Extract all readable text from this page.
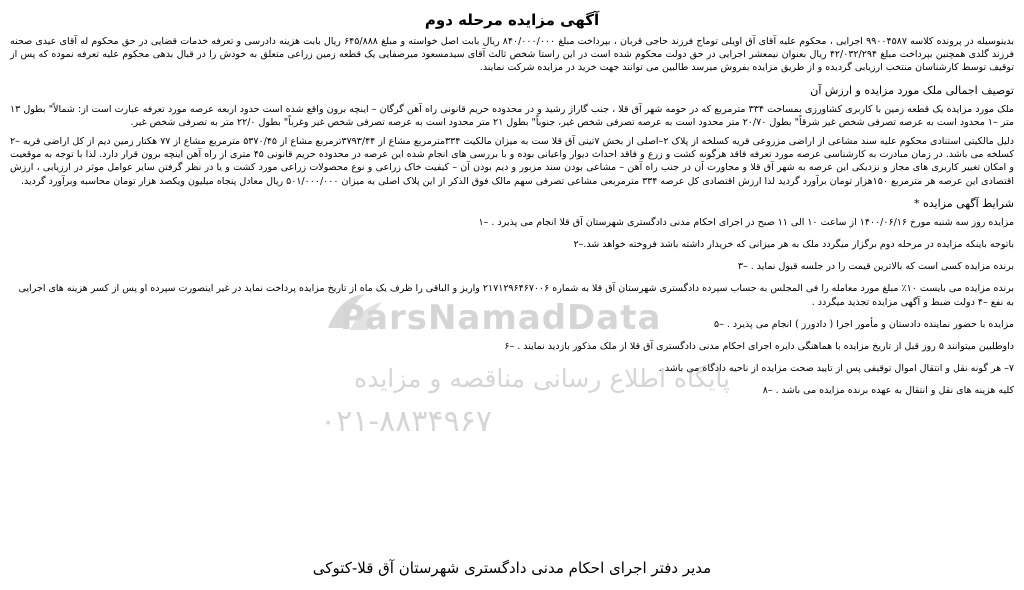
آگهی مزایده مرحله دوم

بدینوسیله در پرونده کلاسه ۹۹۰۰۴۵۸۷ اجرایی ، محکوم علیه آقای آق اویلی توماج فرزند حاجی قربان ، بپرداخت مبلغ ۸۴۰/۰۰۰/۰۰۰ ریال بابت اصل خواسته و مبلغ ۶۴۵/۸۸۸ ریال بابت هزینه دادرسی و تعرفه خدمات قضایی در حق محکوم له آقای عیدی صحنه فرزند گلدی همچنین بپرداخت مبلغ ۴۲/۰۳۲/۲۹۴ ریال بعنوان نیمعشر اجرایی در حق دولت محکوم شده است در این راستا شخص ثالث آقای سیدمسعود میرصفایی یک قطعه زمین زراعی متعلق به خودش را در قبال بدهی محکوم علیه تعرفه نموده که پس از توقیف توسط کارشناسان منتخب ارزیابی گردیده و از طریق مزایده بفروش میرسد طالبین می توانند جهت خرید در مزایده شرکت نمایند.

توصیف اجمالی ملک مورد مزایده و ارزش آن

ملک مورد مزایده یک قطعه زمین با کاربری کشاورزی بمساحت ۳۳۴ مترمربع که در حومه شهر آق قلا ، جنب گاراژ رشید و در محدوده حریم قانونی راه آهن گرگان – اینچه برون واقع شده است حدود اربعه عرصه مورد تعرفه عبارت است از: شمالاً" بطول ۱۳ متر –۱ محدود است به عرصه تصرفی شخص غیر شرقاً" بطول ۲۰/۷۰ متر محدود است به عرصه تصرفی شخص غیر، جنوباً" بطول ۲۱ متر محدود است به عرصه تصرفی شخص غیر وغرباً" بطول ۲۲/۰ متر به تصرفی شخص غیر.

دلیل مالکیتی استنادی محکوم علیه سند مشاعی از اراضی مزروعی قریه کسلخه از پلاک ۲–اصلی از بخش ۷تینی آق قلا ست به میزان مالکیت ۳۳۴مترمربع مشاع از ۳۷۹۳/۴۴ترمربع مشاع از ۵۳۷۰/۴۵ مترمربع مشاع از ۷۷ هکتار زمین دیم از کل اراضی قریه –۲ کسلخه می باشد. در زمان مبادرت به کارشناسی عرصه مورد تعرفه فاقد هرگونه کشت و زرع و فاقد احداث دیوار واعیانی بوده و با بررسی های انجام شده این عرصه در محدوده حریم قانونی ۴۵ متری از راه آهن اینچه برون قرار دارد. لذا با توجه به موقعیت و امکان تغییر کاربری های مجاز و نزدیکی این عرصه به شهر آق قلا و مجاورت آن در جنب راه آهن – مشاعی بودن سند مزبور و دیم بودن آن – کیفیت خاک زراعی و نوع محصولات زراعی مورد کشت و یا در نظر گرفتن سایر عوامل موثر در ارزیابی ، ارزش اقتصادی این عرصه هر مترمربع ۱۵۰هزار تومان برآورد گردید لذا ارزش اقتصادی کل عرصه ۳۳۴ مترمربعی مشاعی تصرفی سهم مالک فوق الذکر از این پلاک اصلی به میزان ۵۰۱/۰۰۰/۰۰۰ ریال معادل پنجاه میلیون ویکصد هزار تومان محاسبه وبرآورد گردید.

شرایط آگهی مزایده *

مزایده روز سه شنبه مورخ ۱۴۰۰/۰۶/۱۶ از ساعت ۱۰ الی ۱۱ صبح در اجرای احکام مدنی دادگستری شهرستان آق قلا انجام می پذیرد . –۱

باتوجه باینکه مزایده در مرحله دوم برگزار میگردد ملک به هر میزانی که خریدار داشته باشد فروخته خواهد شد.–۲

برنده مزایده کسی است که بالاترین قیمت را در جلسه قبول نماید . –۳

برنده مزایده می بایست ۱۰٪ مبلغ مورد معامله را فی المجلس به حساب سپرده دادگستری شهرستان آق قلا به شماره ۲۱۷۱۲۹۶۴۶۷۰۰۶ واریز و الباقی را ظرف یک ماه از تاریخ مزایده پرداخت نماید در غیر اینصورت سپرده او پس از کسر هزینه های اجرایی به نفع –۴ دولت ضبط و آگهی مزایده تجدید میگردد .

مزایده با حضور نماینده دادستان و مأمور اجرا ( دادورز ) انجام می پذیرد . –۵

داوطلبین میتوانند ۵ روز قبل از تاریخ مزایده با هماهنگی دایره اجرای احکام مدنی دادگستری آق قلا از ملک مذکور بازدید نمایند . –۶

۷– هر گونه نقل و انتقال اموال توقیفی پس از تایید صحت مزایده از ناحیه دادگاه می باشد .

کلیه هزینه های نقل و انتقال به عهده برنده مزایده می باشد . –۸

مدیر دفتر اجرای احکام مدنی دادگستری شهرستان آق قلا-کتوکی
ParsNamadData
پایگاه اطلاع رسانی مناقصه و مزایده
۰۲۱-۸۸۳۴۹۶۷
